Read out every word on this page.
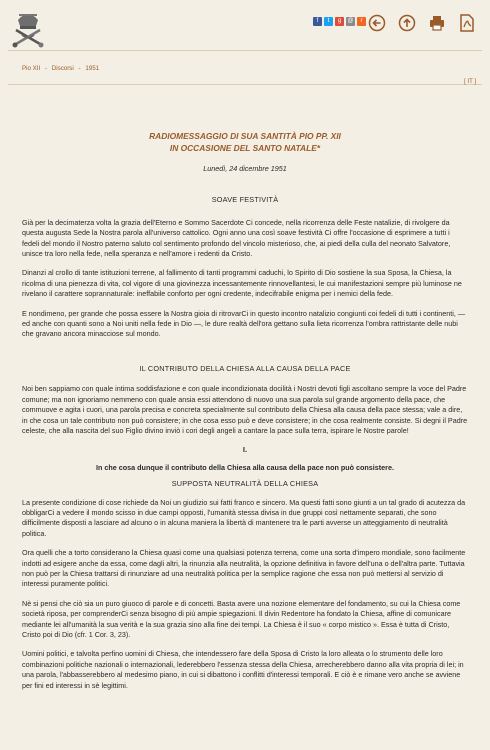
f	t	g	@	r
Pio XII - Discorsi - 1951
[ IT ]
RADIOMESSAGGIO DI SUA SANTITÀ PIO PP. XII
IN OCCASIONE DEL SANTO NATALE*
Lunedì, 24 dicembre 1951
SOAVE FESTIVITÀ

Già per la decimaterza volta la grazia dell'Eterno e Sommo Sacerdote Ci concede, nella ricorrenza delle Feste natalizie, di rivolgere da questa augusta Sede la Nostra parola all'universo cattolico. Ogni anno una così soave festività Ci offre l'occasione di esprimere a tutti i fedeli del mondo il Nostro paterno saluto col sentimento profondo del vincolo misterioso, che, ai piedi della culla del neonato Salvatore, unisce tra loro nella fede, nella speranza e nell'amore i redenti da Cristo.

Dinanzi al crollo di tante istituzioni terrene, al fallimento di tanti programmi caduchi, lo Spirito di Dio sostiene la sua Sposa, la Chiesa, la ricolma di una pienezza di vita, col vigore di una giovinezza incessantemente rinnovellantesi, le cui manifestazioni sempre più luminose ne rivelano il carattere soprannaturale: ineffabile conforto per ogni credente, indecifrabile enigma per i nemici della fede.

E nondimeno, per grande che possa essere la Nostra gioia di ritrovarCi in questo incontro natalizio congiunti coi fedeli di tutti i continenti, — ed anche con quanti sono a Noi uniti nella fede in Dio —, le dure realtà dell'ora gettano sulla lieta ricorrenza l'ombra rattristante delle nubi che gravano ancora minacciose sul mondo.

IL CONTRIBUTO DELLA CHIESA ALLA CAUSA DELLA PACE

Noi ben sappiamo con quale intima soddisfazione e con quale incondizionata docilità i Nostri devoti figli ascoltano sempre la voce del Padre comune; ma non ignoriamo nemmeno con quale ansia essi attendono di nuovo una sua parola sul grande argomento della pace, che commuove e agita i cuori, una parola precisa e concreta specialmente sul contributo della Chiesa alla causa della pace stessa; vale a dire, in che cosa un tale contributo non può consistere; in che cosa esso può e deve consistere; in che cosa realmente consiste. Si degni il Padre celeste, che alla nascita del suo Figlio divino inviò i cori degli angeli a cantare la pace sulla terra, ispirare le Nostre parole!

I.
In che cosa dunque il contributo della Chiesa alla causa della pace non può consistere.
SUPPOSTA NEUTRALITÀ DELLA CHIESA

La presente condizione di cose richiede da Noi un giudizio sui fatti franco e sincero. Ma questi fatti sono giunti a un tal grado di acutezza da obbligarCi a vedere il mondo scisso in due campi opposti, l'umanità stessa divisa in due gruppi così nettamente separati, che sono difficilmente disposti a lasciare ad alcuno o in alcuna maniera la libertà di mantenere tra le parti avverse un atteggiamento di neutralità politica.

Ora quelli che a torto considerano la Chiesa quasi come una qualsiasi potenza terrena, come una sorta d'impero mondiale, sono facilmente indotti ad esigere anche da essa, come dagli altri, la rinunzia alla neutralità, la opzione definitiva in favore dell'una o dell'altra parte. Tuttavia non può per la Chiesa trattarsi di rinunziare ad una neutralità politica per la semplice ragione che essa non può mettersi al servizio di interessi puramente politici.

Nè si pensi che ciò sia un puro giuoco di parole e di concetti. Basta avere una nozione elementare del fondamento, su cui la Chiesa come società riposa, per comprenderCi senza bisogno di più ampie spiegazioni. Il divin Redentore ha fondato la Chiesa, affine di comunicare mediante lei all'umanità la sua verità e la sua grazia sino alla fine dei tempi. La Chiesa è il suo « corpo mistico ». Essa è tutta di Cristo, Cristo poi di Dio (cfr. 1 Cor. 3, 23).

Uomini politici, e talvolta perfino uomini di Chiesa, che intendessero fare della Sposa di Cristo la loro alleata o lo strumento delle loro combinazioni politiche nazionali o internazionali, lederebbero l'essenza stessa della Chiesa, arrecherebbero danno alla vita propria di lei; in una parola, l'abbasserebbero al medesimo piano, in cui si dibattono i conflitti d'interessi temporali. E ciò è e rimane vero anche se avviene per fini ed interessi in sè legittimi.
